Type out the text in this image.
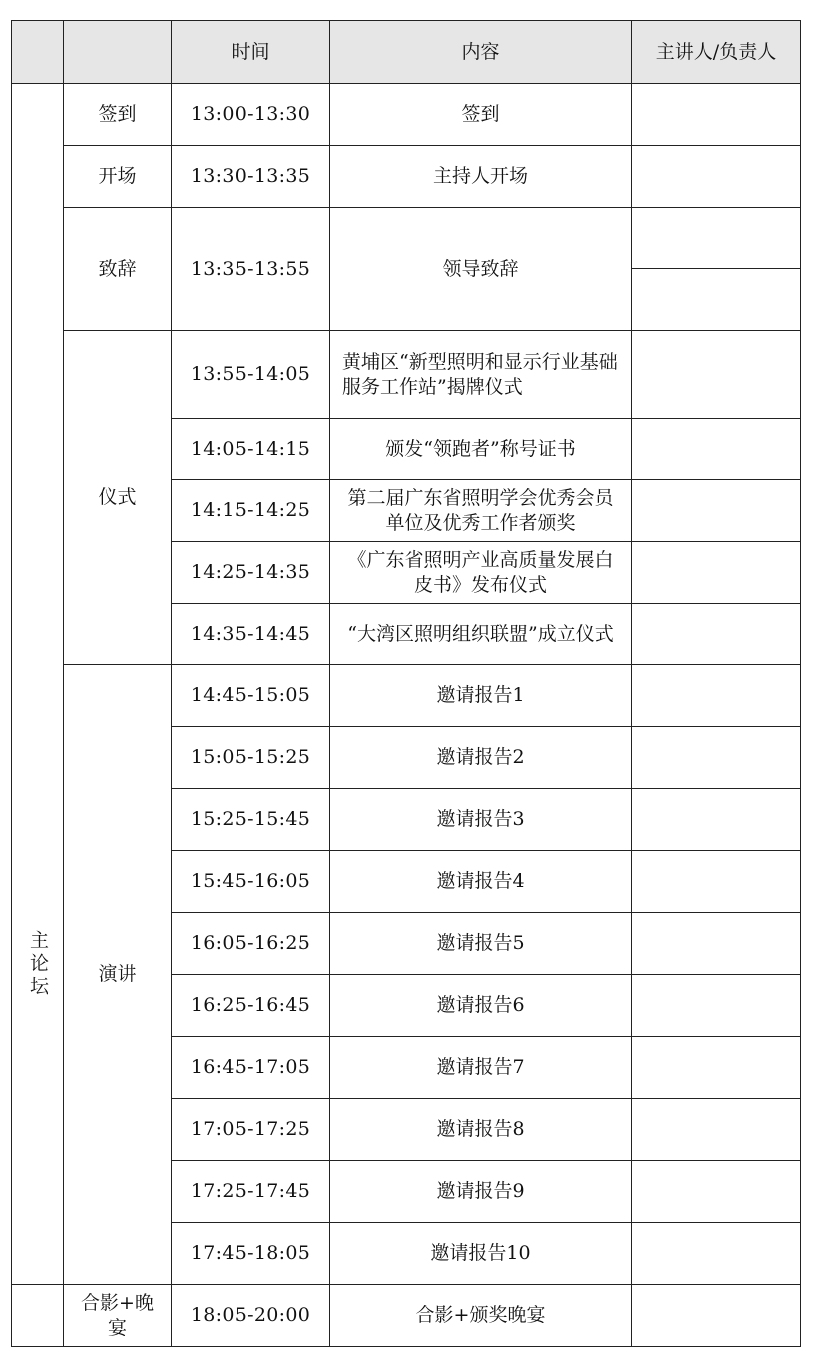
		时间	内容	主讲人/负责人
主论坛	签到	13:00-13:30	签到	
	开场	13:30-13:35	主持人开场	
	致辞	13:35-13:55	领导致辞	

	仪式	13:55-14:05	黄埔区“新型照明和显示行业基础服务工作站”揭牌仪式	
		14:05-14:15	颁发“领跑者”称号证书	
		14:15-14:25	第二届广东省照明学会优秀会员单位及优秀工作者颁奖	
		14:25-14:35	《广东省照明产业高质量发展白皮书》发布仪式	
		14:35-14:45	“大湾区照明组织联盟”成立仪式	
	演讲	14:45-15:05	邀请报告1	
		15:05-15:25	邀请报告2	
		15:25-15:45	邀请报告3	
		15:45-16:05	邀请报告4	
		16:05-16:25	邀请报告5	
		16:25-16:45	邀请报告6	
		16:45-17:05	邀请报告7	
		17:05-17:25	邀请报告8	
		17:25-17:45	邀请报告9	
		17:45-18:05	邀请报告10	
	合影+晚宴	18:05-20:00	合影+颁奖晚宴	
